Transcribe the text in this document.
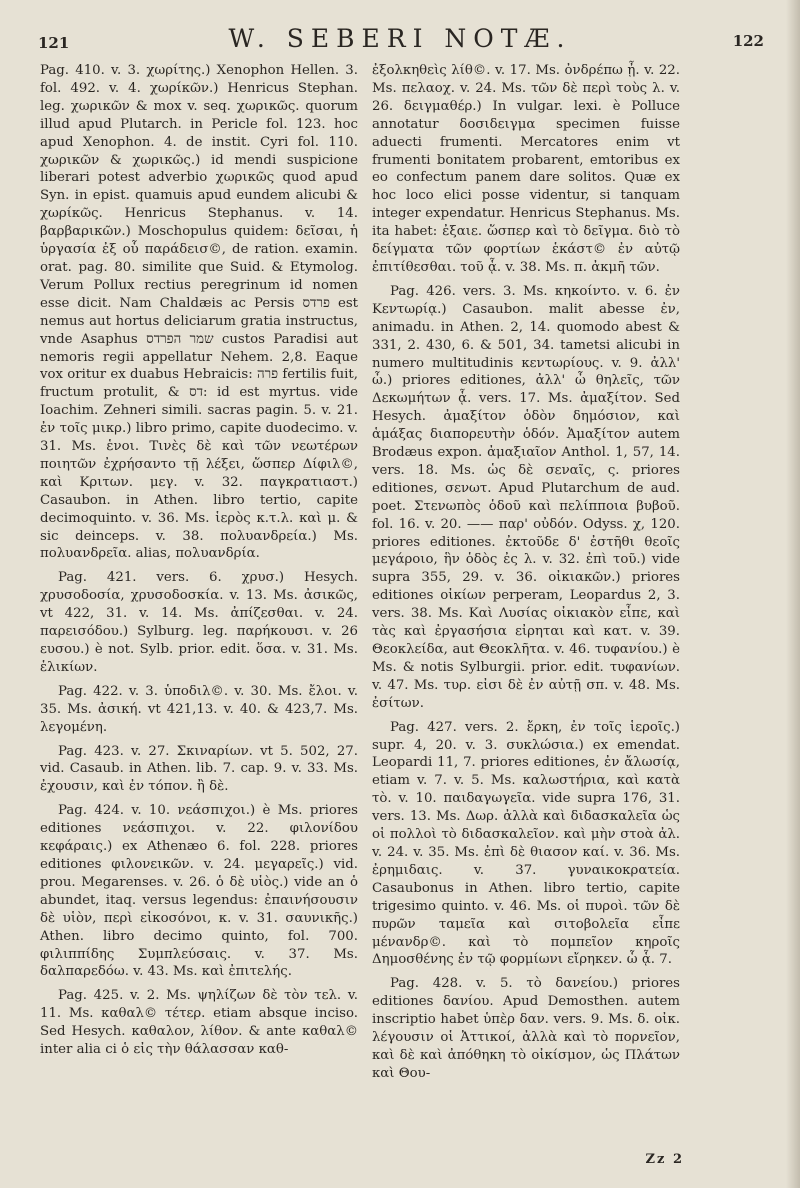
121	W. SEBERI NOTÆ.	122

Pag. 410. v. 3. χωρίτης.) Xenophon Hellen. 3. fol. 492. v. 4. χωρίκῶν.) Henricus Stephan. leg. χωρικῶν & mox v. seq. χωρικῶς. quorum illud apud Plutarch. in Pericle fol. 123. hoc apud Xenophon. 4. de instit. Cyri fol. 110. χωρικῶν & χωρικῶς.) id mendi suspicione liberari potest adverbio χωρικῶς quod apud Syn. in epist. quamuis apud eundem alicubi & χωρίκῶς. Henricus Stephanus. v. 14. βαρβαρικῶν.) Moschopulus quidem: δεῖσαι, ἡ ὑργασία ἐξ οὗ παράδεισ©, de ration. examin. orat. pag. 80. similite que Suid. & Etymolog. Verum Pollux rectius peregrinum id nomen esse dicit. Nam Chaldæis ac Persis פרדס est nemus aut hortus deliciarum gratia instructus, vnde Asaphus שמר הפרדס custos Paradisi aut nemoris regii appellatur Nehem. 2,8. Eaque vox oritur ex duabus Hebraicis: פרה fertilis fuit, fructum protulit, & דס: id est myrtus. vide Ioachim. Zehneri simili. sacras pagin. 5. v. 21. ἐν τοῖς μικρ.) libro primo, capite duodecimo. v. 31. Ms. ἑνοι. Τινὲς δὲ καὶ τῶν νεωτέρων ποιητῶν ἐχρήσαντο τῇ λέξει, ὥσπερ Δίφιλ©, καὶ Κριτων. μεγ. v. 32. παγκρατιαστ.) Casaubon. in Athen. libro tertio, capite decimoquinto. v. 36. Ms. ἱερὸς κ.τ.λ. καὶ μ. & sic deinceps. v. 38. πολυανδρεία.) Ms. πολυανδρεῖα. alias, πολυανδρία.

Pag. 421. vers. 6. χρυσ.) Hesych. χρυσοδοσία, χρυσοδοσκία. v. 13. Ms. ἀσικῶς, vt 422, 31. v. 14. Ms. ἀπίζεσθαι. v. 24. παρεισόδου.) Sylburg. leg. παρήκουσι. v. 26 ευσου.) è not. Sylb. prior. edit. ὅσα. v. 31. Ms. ἑλικίων.

Pag. 422. v. 3. ὑποδιλ©. v. 30. Ms. ἔλοι. v. 35. Ms. ἀσική. vt 421,13. v. 40. & 423,7. Ms. λεγομένη.

Pag. 423. v. 27. Σκιναρίων. vt 5. 502, 27. vid. Casaub. in Athen. lib. 7. cap. 9. v. 33. Ms. ἐχουσιν, καὶ ἐν τόπον. ἢ δὲ.

Pag. 424. v. 10. νεάσπιχοι.) è Ms. priores editiones νεάσπιχοι. v. 22. φιλονίδου κεφάραις.) ex Athenæo 6. fol. 228. priores editiones φιλονεικῶν. v. 24. μεγαρεῖς.) vid. prou. Megarenses. v. 26. ὁ δὲ υἱὸς.) vide an ὁ abundet, itaq. versus legendus: ἐπαινήσουσιν δὲ υἱὸν, περὶ εἰκοσόνοι, κ. v. 31. σαυνικῆς.) Athen. libro decimo quinto, fol. 700. φιλιππίδης Συμπλεύσαις. v. 37. Ms. δαλπαρεδόω. v. 43. Ms. καὶ ἐπιτελής.

Pag. 425. v. 2. Ms. ψηλίζων δὲ τὸν τελ. v. 11. Ms. καθαλ© τέτερ. etiam absque inciso. Sed Hesych. καθαλον, λίθον. & ante καθαλ© inter alia ci ὁ εἰς τὴν θάλασσαν καθ-

ἐξολκηθεὶς λίθ©. v. 17. Ms. ὀνδρέπω ᾖ. v. 22. Ms. πελαοχ. v. 24. Ms. τῶν δὲ περὶ τοὺς λ. v. 26. δειγμαθέρ.) In vulgar. lexi. è Polluce annotatur δοσιδειγμα specimen fuisse aduecti frumenti. Mercatores enim vt frumenti bonitatem probarent, emtoribus ex eo confectum panem dare solitos. Quæ ex hoc loco elici posse videntur, si tanquam integer expendatur. Henricus Stephanus. Ms. ita habet: ἐξαιε. ὥσπερ καὶ τὸ δεῖγμα. διὸ τὸ δείγματα τῶν φορτίων ἑκάστ© ἐν αὐτῷ ἐπιτίθεσθαι. τοῦ ᾇ. v. 38. Ms. π. ἀκμῆ τῶν.

Pag. 426. vers. 3. Ms. κηκοίντο. v. 6. ἐν Κεντωρίᾳ.) Casaubon. malit abesse ἐν, animadu. in Athen. 2, 14. quomodo abest & 331, 2. 430, 6. & 501, 34. tametsi alicubi in numero multitudinis κεντωρίους. v. 9. ἀλλ' ὦ.) priores editiones, ἀλλ' ὦ θηλεῖς, τῶν Δεκωμήτων ᾇ. vers. 17. Ms. ἀμαξίτον. Sed Hesych. ἀμαξίτον ὁδὸν δημόσιον, καὶ ἁμάξας διαπορευτὴν ὁδόν. Ἀμαξίτον autem Brodæus expon. ἀμαξιαῖον Anthol. 1, 57, 14. vers. 18. Ms. ὡς δὲ σεναῖς, ς. priores editiones, σενωτ. Apud Plutarchum de aud. poet. Στενωπὸς ὁδοῦ καὶ πελίπποια βυβοῦ. fol. 16. v. 20. —— παρ' οὐδόν. Odyss. χ, 120. priores editiones. ἐκτοῦδε δ' ἐστῆθι θεοῖς μεγάροιο, ἣν ὁδὸς ἐς λ. v. 32. ἐπὶ τοῦ.) vide supra 355, 29. v. 36. οἰκιακῶν.) priores editiones οἰκίων perperam, Leopardus 2, 3. vers. 38. Ms. Καὶ Λυσίας οἰκιακὸν εἶπε, καὶ τὰς καὶ ἐργασήσια εἰρηται καὶ κατ. v. 39. Θεοκλείδα, aut Θεοκλῆτα. v. 46. τυφανίου.) è Ms. & notis Sylburgii. prior. edit. τυφανίων. v. 47. Ms. τυρ. εἰσι δὲ ἐν αὐτῇ σπ. v. 48. Ms. ἐσίτων.

Pag. 427. vers. 2. ἔρκη, ἐν τοῖς ἱεροῖς.) supr. 4, 20. v. 3. συκλώσια.) ex emendat. Leopardi 11, 7. priores editiones, ἐν ἄλωσίᾳ, etiam v. 7. v. 5. Ms. καλωστήρια, καὶ κατὰ τὸ. v. 10. παιδαγωγεῖα. vide supra 176, 31. vers. 13. Ms. Δωρ. ἀλλὰ καὶ διδασκαλεῖα ὡς οἱ πολλοὶ τὸ διδασκαλεῖον. καὶ μὴν στοὰ ἀλ. v. 24. v. 35. Ms. ἐπὶ δὲ θιασον καί. v. 36. Ms. ἐρημιδαις. v. 37. γυναικοκρατεία. Casaubonus in Athen. libro tertio, capite trigesimo quinto. v. 46. Ms. οἱ πυροὶ. τῶν δὲ πυρῶν ταμεῖα καὶ σιτοβολεῖα εἶπε μένανδρ©. καὶ τὸ πομπεῖον κηροῖς Δημοσθένης ἐν τῷ φορμίωνι εἴρηκεν. ὧ ᾇ. 7.

Pag. 428. v. 5. τὸ δανείου.) priores editiones δανίου. Apud Demosthen. autem inscriptio habet ὑπὲρ δαν. vers. 9. Ms. δ. οἰκ. λέγουσιν οἱ Ἀττικοί, ἀλλὰ καὶ τὸ πορνεῖον, καὶ δὲ καὶ ἀπόθηκη τὸ οἰκίσμον, ὡς Πλάτων καὶ Θου-

Zz 2
